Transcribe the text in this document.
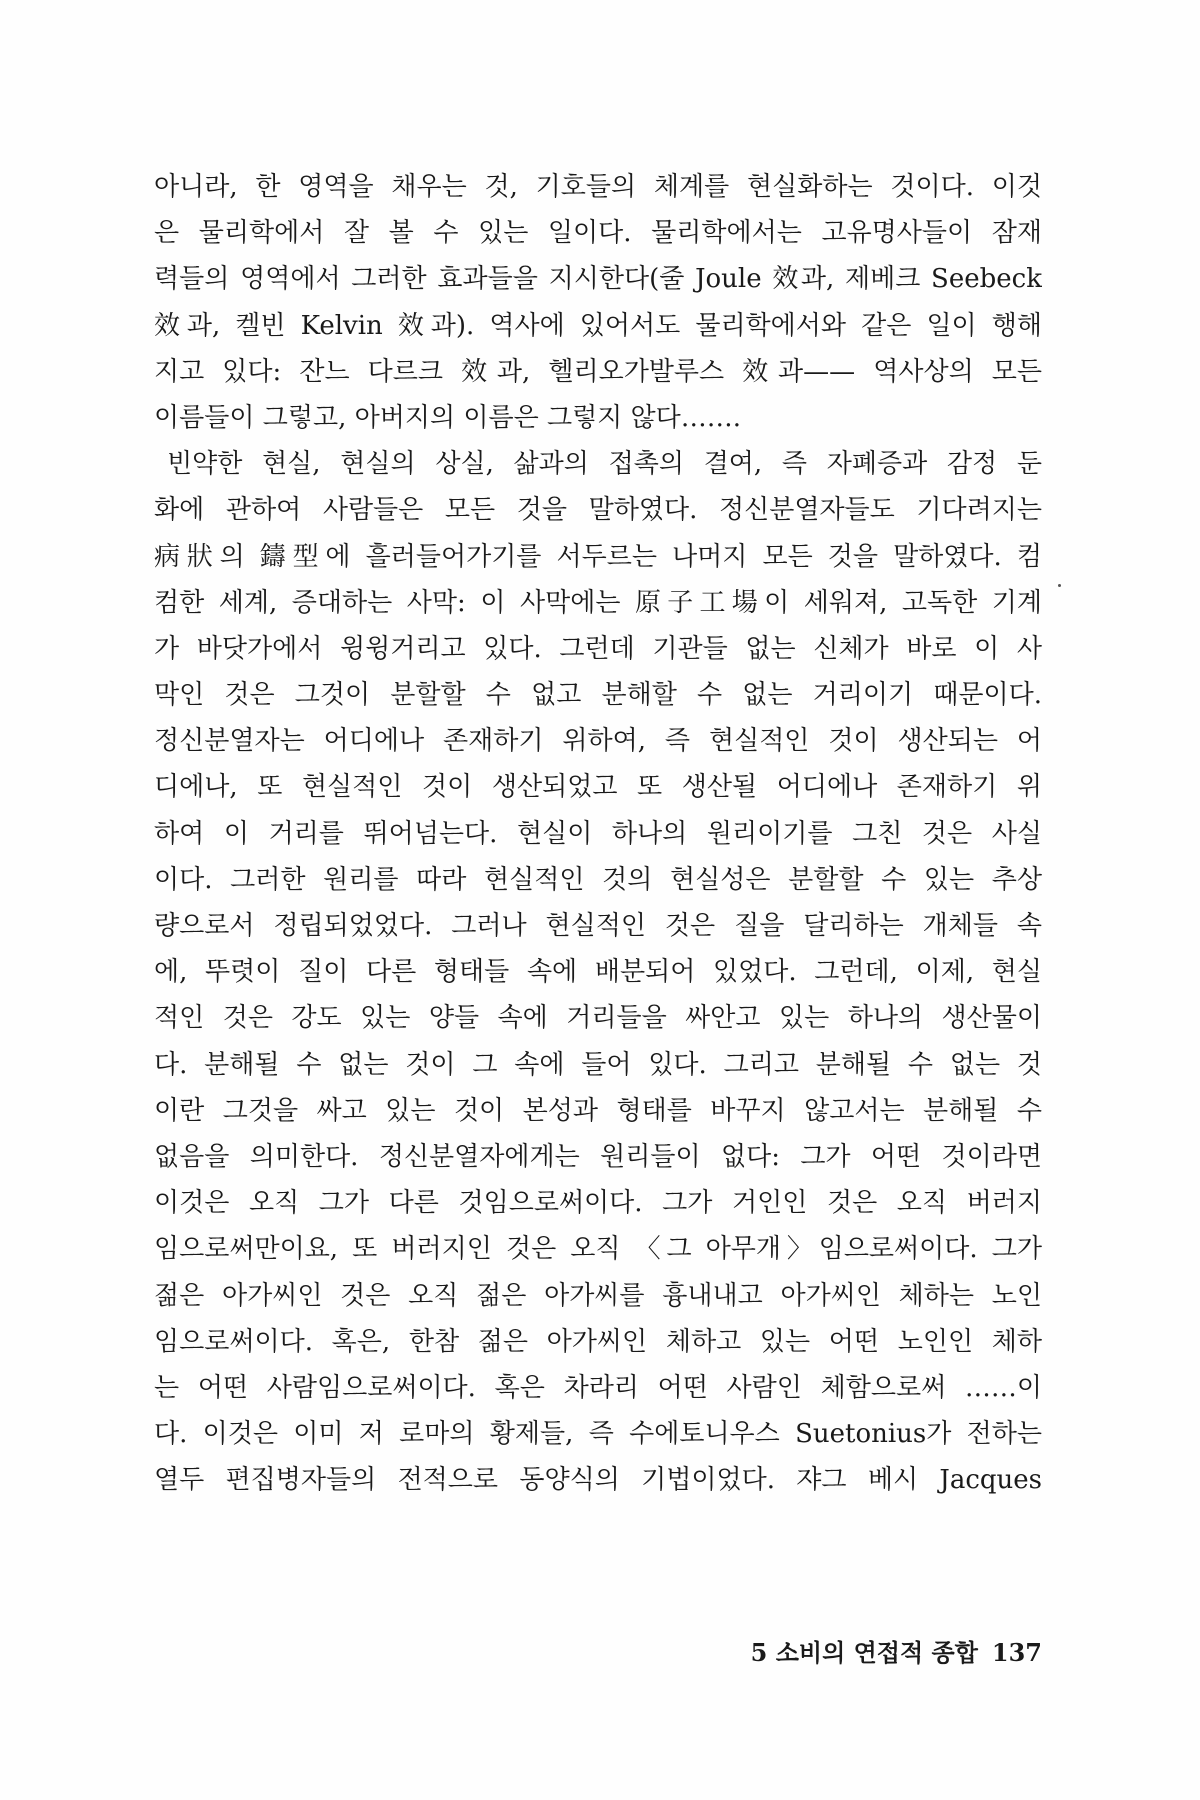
아니라, 한 영역을 채우는 것, 기호들의 체계를 현실화하는 것이다. 이것
은 물리학에서 잘 볼 수 있는 일이다. 물리학에서는 고유명사들이 잠재
력들의 영역에서 그러한 효과들을 지시한다(줄 Joule 效과, 제베크 Seebeck
效과, 켈빈 Kelvin 效과). 역사에 있어서도 물리학에서와 같은 일이 행해
지고 있다: 잔느 다르크 效과, 헬리오가발루스 效과—— 역사상의 모든
이름들이 그렇고, 아버지의 이름은 그렇지 않다…….
빈약한 현실, 현실의 상실, 삶과의 접촉의 결여, 즉 자폐증과 감정 둔
화에 관하여 사람들은 모든 것을 말하였다. 정신분열자들도 기다려지는
病狀의 鑄型에 흘러들어가기를 서두르는 나머지 모든 것을 말하였다. 컴
컴한 세계, 증대하는 사막: 이 사막에는 原子工場이 세워져, 고독한 기계
가 바닷가에서 윙윙거리고 있다. 그런데 기관들 없는 신체가 바로 이 사
막인 것은 그것이 분할할 수 없고 분해할 수 없는 거리이기 때문이다.
정신분열자는 어디에나 존재하기 위하여, 즉 현실적인 것이 생산되는 어
디에나, 또 현실적인 것이 생산되었고 또 생산될 어디에나 존재하기 위
하여 이 거리를 뛰어넘는다. 현실이 하나의 원리이기를 그친 것은 사실
이다. 그러한 원리를 따라 현실적인 것의 현실성은 분할할 수 있는 추상
량으로서 정립되었었다. 그러나 현실적인 것은 질을 달리하는 개체들 속
에, 뚜렷이 질이 다른 형태들 속에 배분되어 있었다. 그런데, 이제, 현실
적인 것은 강도 있는 양들 속에 거리들을 싸안고 있는 하나의 생산물이
다. 분해될 수 없는 것이 그 속에 들어 있다. 그리고 분해될 수 없는 것
이란 그것을 싸고 있는 것이 본성과 형태를 바꾸지 않고서는 분해될 수
없음을 의미한다. 정신분열자에게는 원리들이 없다: 그가 어떤 것이라면
이것은 오직 그가 다른 것임으로써이다. 그가 거인인 것은 오직 버러지
임으로써만이요, 또 버러지인 것은 오직 〈그 아무개〉임으로써이다. 그가
젊은 아가씨인 것은 오직 젊은 아가씨를 흉내내고 아가씨인 체하는 노인
임으로써이다. 혹은, 한참 젊은 아가씨인 체하고 있는 어떤 노인인 체하
는 어떤 사람임으로써이다. 혹은 차라리 어떤 사람인 체함으로써 ……이
다. 이것은 이미 저 로마의 황제들, 즉 수에토니우스 Suetonius가 전하는
열두 편집병자들의 전적으로 동양식의 기법이었다. 쟈그 베시 Jacques
5 소비의 연접적 종합 137
